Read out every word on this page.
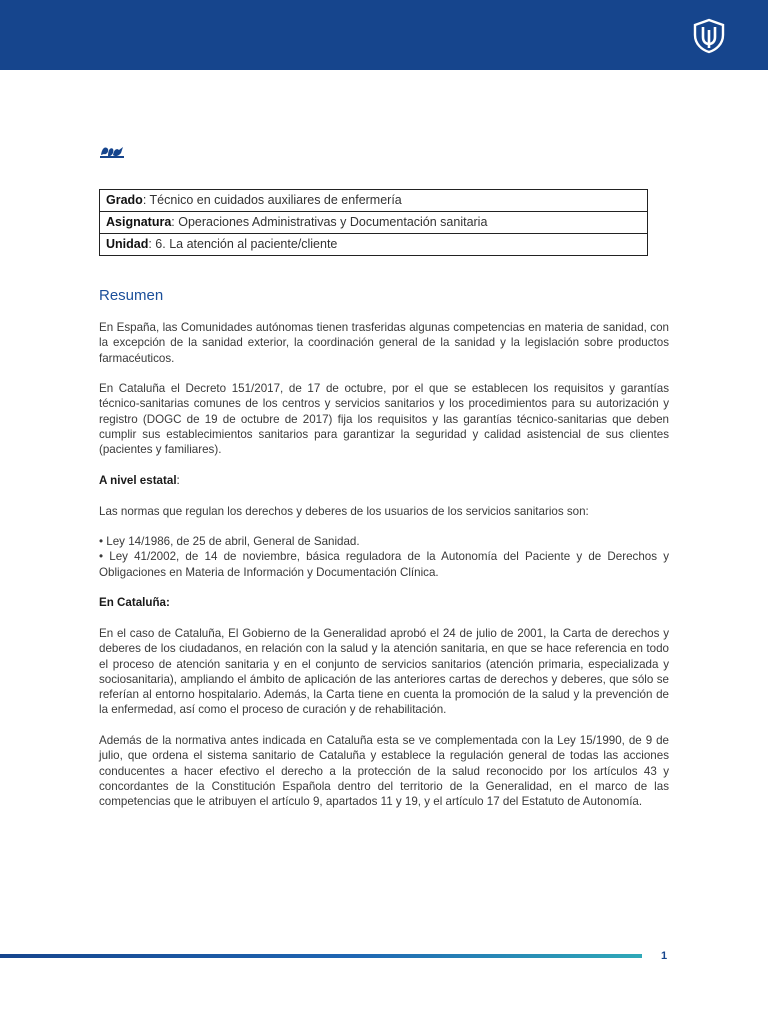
Grado: Técnico en cuidados auxiliares de enfermería
Asignatura: Operaciones Administrativas y Documentación sanitaria
Unidad: 6. La atención al paciente/cliente
Resumen

En España, las Comunidades autónomas tienen trasferidas algunas competencias en materia de sanidad, con la excepción de la sanidad exterior, la coordinación general de la sanidad y la legislación sobre productos farmacéuticos.

En Cataluña el Decreto 151/2017, de 17 de octubre, por el que se establecen los requisitos y garantías técnico-sanitarias comunes de los centros y servicios sanitarios y los procedimientos para su autorización y registro (DOGC de 19 de octubre de 2017) fija los requisitos y las garantías técnico-sanitarias que deben cumplir sus establecimientos sanitarios para garantizar la seguridad y calidad asistencial de sus clientes (pacientes y familiares).

A nivel estatal:

Las normas que regulan los derechos y deberes de los usuarios de los servicios sanitarios son:

• Ley 14/1986, de 25 de abril, General de Sanidad.

• Ley 41/2002, de 14 de noviembre, básica reguladora de la Autonomía del Paciente y de Derechos y Obligaciones en Materia de Información y Documentación Clínica.

En Cataluña:

En el caso de Cataluña, El Gobierno de la Generalidad aprobó el 24 de julio de 2001, la Carta de derechos y deberes de los ciudadanos, en relación con la salud y la atención sanitaria, en que se hace referencia en todo el proceso de atención sanitaria y en el conjunto de servicios sanitarios (atención primaria, especializada y sociosanitaria), ampliando el ámbito de aplicación de las anteriores cartas de derechos y deberes, que sólo se referían al entorno hospitalario. Además, la Carta tiene en cuenta la promoción de la salud y la prevención de la enfermedad, así como el proceso de curación y de rehabilitación.

Además de la normativa antes indicada en Cataluña esta se ve complementada con la Ley 15/1990, de 9 de julio, que ordena el sistema sanitario de Cataluña y establece la regulación general de todas las acciones conducentes a hacer efectivo el derecho a la protección de la salud reconocido por los artículos 43 y concordantes de la Constitución Española dentro del territorio de la Generalidad, en el marco de las competencias que le atribuyen el artículo 9, apartados 11 y 19, y el artículo 17 del Estatuto de Autonomía.

1
